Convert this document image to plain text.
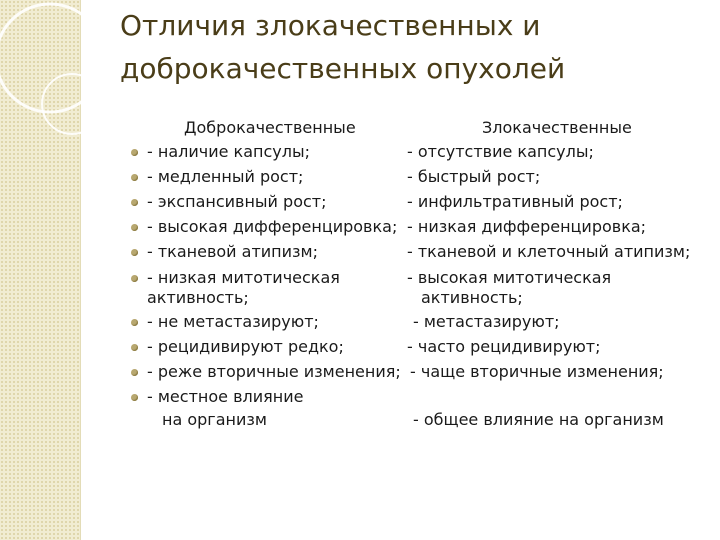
Отличия злокачественных и
доброкачественных опухолей
Доброкачественные	Злокачественные
- наличие капсулы;	- отсутствие капсулы;
- медленный рост;	- быстрый рост;
- экспансивный рост;	- инфильтративный рост;
- высокая дифференцировка; - низкая дифференцировка;
- тканевой атипизм;	- тканевой и клеточный атипизм;
- низкая митотическая	- высокая митотическая
активность;	активность;
- не метастазируют;	- метастазируют;
- рецидивируют редко;	- часто рецидивируют;
- реже вторичные изменения; - чаще вторичные изменения;
- местное влияние
на организм	- общее влияние на организм
